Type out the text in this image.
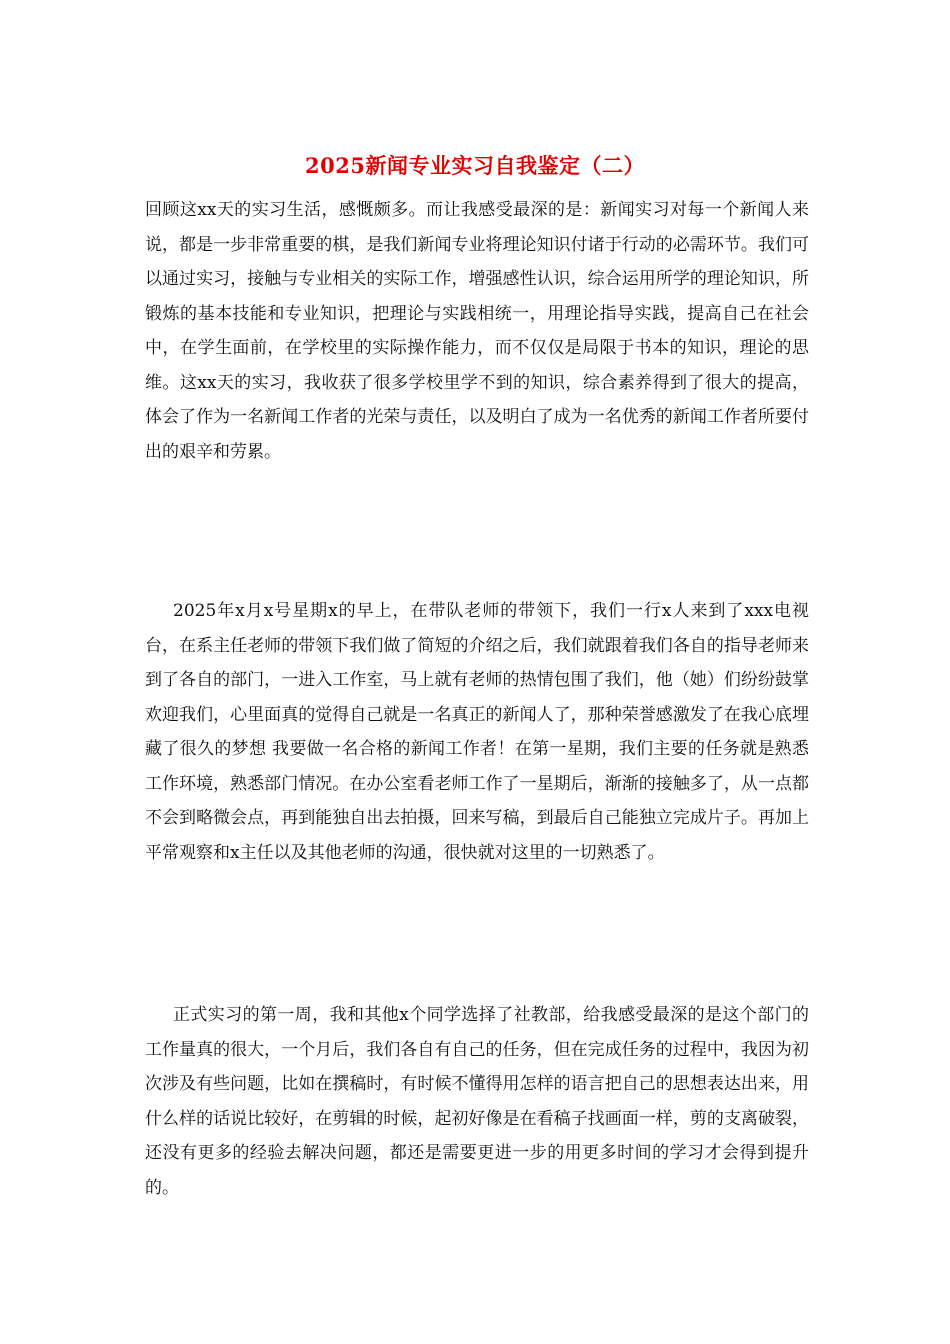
2025新闻专业实习自我鉴定（二）

回顾这xx天的实习生活，感慨颇多。而让我感受最深的是：新闻实习对每一个新闻人来说，都是一步非常重要的棋，是我们新闻专业将理论知识付诸于行动的必需环节。我们可以通过实习，接触与专业相关的实际工作，增强感性认识，综合运用所学的理论知识，所锻炼的基本技能和专业知识，把理论与实践相统一，用理论指导实践，提高自己在社会中，在学生面前，在学校里的实际操作能力，而不仅仅是局限于书本的知识，理论的思维。这xx天的实习，我收获了很多学校里学不到的知识，综合素养得到了很大的提高，体会了作为一名新闻工作者的光荣与责任，以及明白了成为一名优秀的新闻工作者所要付出的艰辛和劳累。

2025年x月x号星期x的早上，在带队老师的带领下，我们一行x人来到了xxx电视台，在系主任老师的带领下我们做了简短的介绍之后，我们就跟着我们各自的指导老师来到了各自的部门，一进入工作室，马上就有老师的热情包围了我们，他（她）们纷纷鼓掌欢迎我们，心里面真的觉得自己就是一名真正的新闻人了，那种荣誉感激发了在我心底埋藏了很久的梦想 我要做一名合格的新闻工作者！在第一星期，我们主要的任务就是熟悉工作环境，熟悉部门情况。在办公室看老师工作了一星期后，渐渐的接触多了，从一点都不会到略微会点，再到能独自出去拍摄，回来写稿，到最后自己能独立完成片子。再加上平常观察和x主任以及其他老师的沟通，很快就对这里的一切熟悉了。

正式实习的第一周，我和其他x个同学选择了社教部，给我感受最深的是这个部门的工作量真的很大，一个月后，我们各自有自己的任务，但在完成任务的过程中，我因为初次涉及有些问题，比如在撰稿时，有时候不懂得用怎样的语言把自己的思想表达出来，用什么样的话说比较好，在剪辑的时候，起初好像是在看稿子找画面一样，剪的支离破裂，还没有更多的经验去解决问题，都还是需要更进一步的用更多时间的学习才会得到提升的。
